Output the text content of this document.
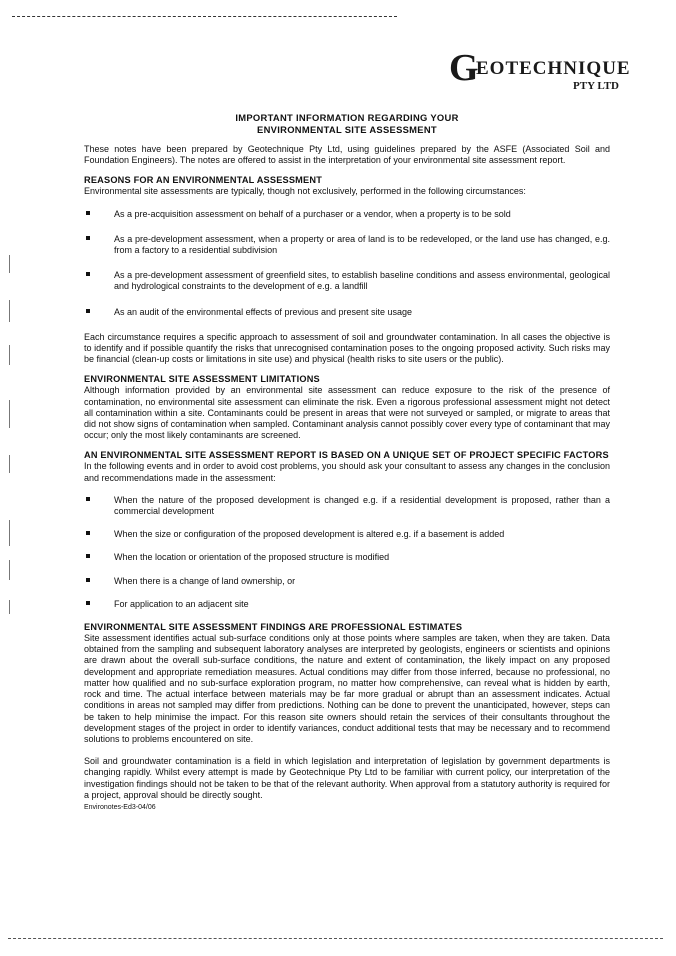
G
EOTECHNIQUE
PTY LTD
IMPORTANT INFORMATION REGARDING YOUR
ENVIRONMENTAL SITE ASSESSMENT

These notes have been prepared by Geotechnique Pty Ltd, using guidelines prepared by the ASFE (Associated Soil and Foundation Engineers). The notes are offered to assist in the interpretation of your environmental site assessment report.

REASONS FOR AN ENVIRONMENTAL ASSESSMENT

Environmental site assessments are typically, though not exclusively, performed in the following circumstances:

As a pre-acquisition assessment on behalf of a purchaser or a vendor, when a property is to be sold
As a pre-development assessment, when a property or area of land is to be redeveloped, or the land use has changed, e.g. from a factory to a residential subdivision
As a pre-development assessment of greenfield sites, to establish baseline conditions and assess environmental, geological and hydrological constraints to the development of e.g. a landfill
As an audit of the environmental effects of previous and present site usage

Each circumstance requires a specific approach to assessment of soil and groundwater contamination. In all cases the objective is to identify and if possible quantify the risks that unrecognised contamination poses to the ongoing proposed activity. Such risks may be financial (clean-up costs or limitations in site use) and physical (health risks to site users or the public).

ENVIRONMENTAL SITE ASSESSMENT LIMITATIONS

Although information provided by an environmental site assessment can reduce exposure to the risk of the presence of contamination, no environmental site assessment can eliminate the risk. Even a rigorous professional assessment might not detect all contamination within a site. Contaminants could be present in areas that were not surveyed or sampled, or migrate to areas that did not show signs of contamination when sampled. Contaminant analysis cannot possibly cover every type of contaminant that may occur; only the most likely contaminants are screened.

AN ENVIRONMENTAL SITE ASSESSMENT REPORT IS BASED ON A UNIQUE SET OF PROJECT SPECIFIC FACTORS

In the following events and in order to avoid cost problems, you should ask your consultant to assess any changes in the conclusion and recommendations made in the assessment:

When the nature of the proposed development is changed e.g. if a residential development is proposed, rather than a commercial development
When the size or configuration of the proposed development is altered e.g. if a basement is added
When the location or orientation of the proposed structure is modified
When there is a change of land ownership, or
For application to an adjacent site
ENVIRONMENTAL SITE ASSESSMENT FINDINGS ARE PROFESSIONAL ESTIMATES

Site assessment identifies actual sub-surface conditions only at those points where samples are taken, when they are taken. Data obtained from the sampling and subsequent laboratory analyses are interpreted by geologists, engineers or scientists and opinions are drawn about the overall sub-surface conditions, the nature and extent of contamination, the likely impact on any proposed development and appropriate remediation measures. Actual conditions may differ from those inferred, because no professional, no matter how qualified and no sub-surface exploration program, no matter how comprehensive, can reveal what is hidden by earth, rock and time. The actual interface between materials may be far more gradual or abrupt than an assessment indicates. Actual conditions in areas not sampled may differ from predictions. Nothing can be done to prevent the unanticipated, however, steps can be taken to help minimise the impact. For this reason site owners should retain the services of their consultants throughout the development stages of the project in order to identify variances, conduct additional tests that may be necessary and to recommend solutions to problems encountered on site.

Soil and groundwater contamination is a field in which legislation and interpretation of legislation by government departments is changing rapidly. Whilst every attempt is made by Geotechnique Pty Ltd to be familiar with current policy, our interpretation of the investigation findings should not be taken to be that of the relevant authority. When approval from a statutory authority is required for a project, approval should be directly sought.

Environotes-Ed3-04/06
